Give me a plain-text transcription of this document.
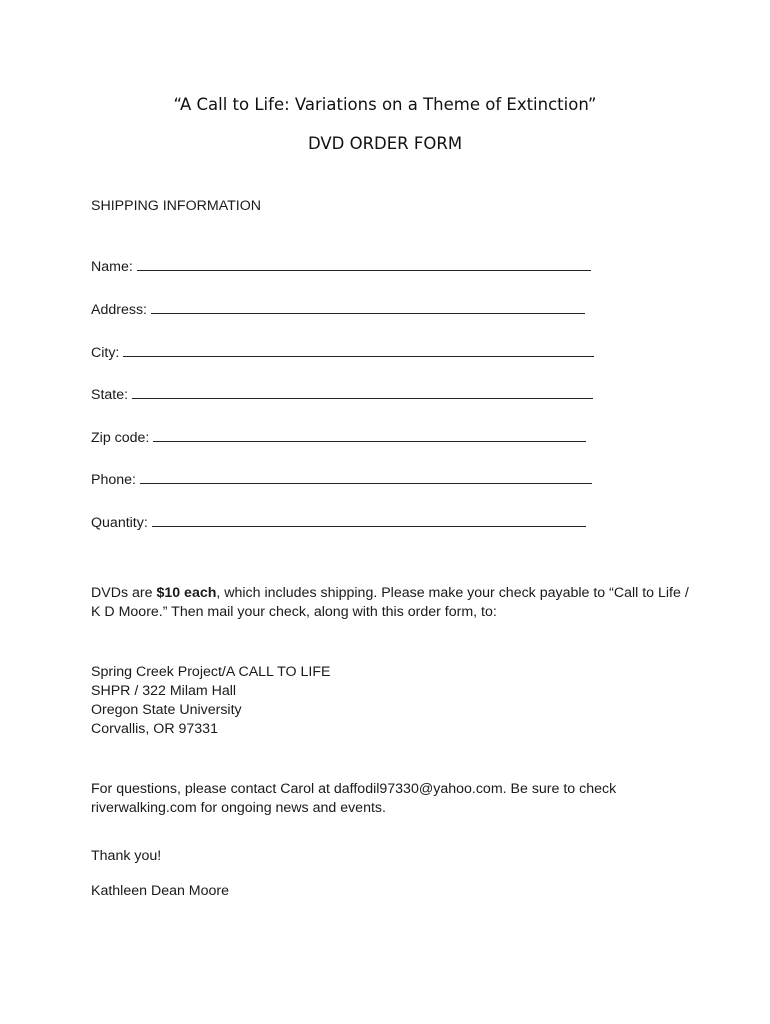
“A Call to Life: Variations on a Theme of Extinction”
DVD ORDER FORM
SHIPPING INFORMATION
Name:
Address:
City:
State:
Zip code:
Phone:
Quantity:
DVDs are $10 each, which includes shipping. Please make your check payable to “Call to Life / K D Moore.” Then mail your check, along with this order form, to:
Spring Creek Project/A CALL TO LIFE
SHPR / 322 Milam Hall
Oregon State University
Corvallis, OR 97331
For questions, please contact Carol at daffodil97330@yahoo.com. Be sure to check riverwalking.com for ongoing news and events.
Thank you!
Kathleen Dean Moore
